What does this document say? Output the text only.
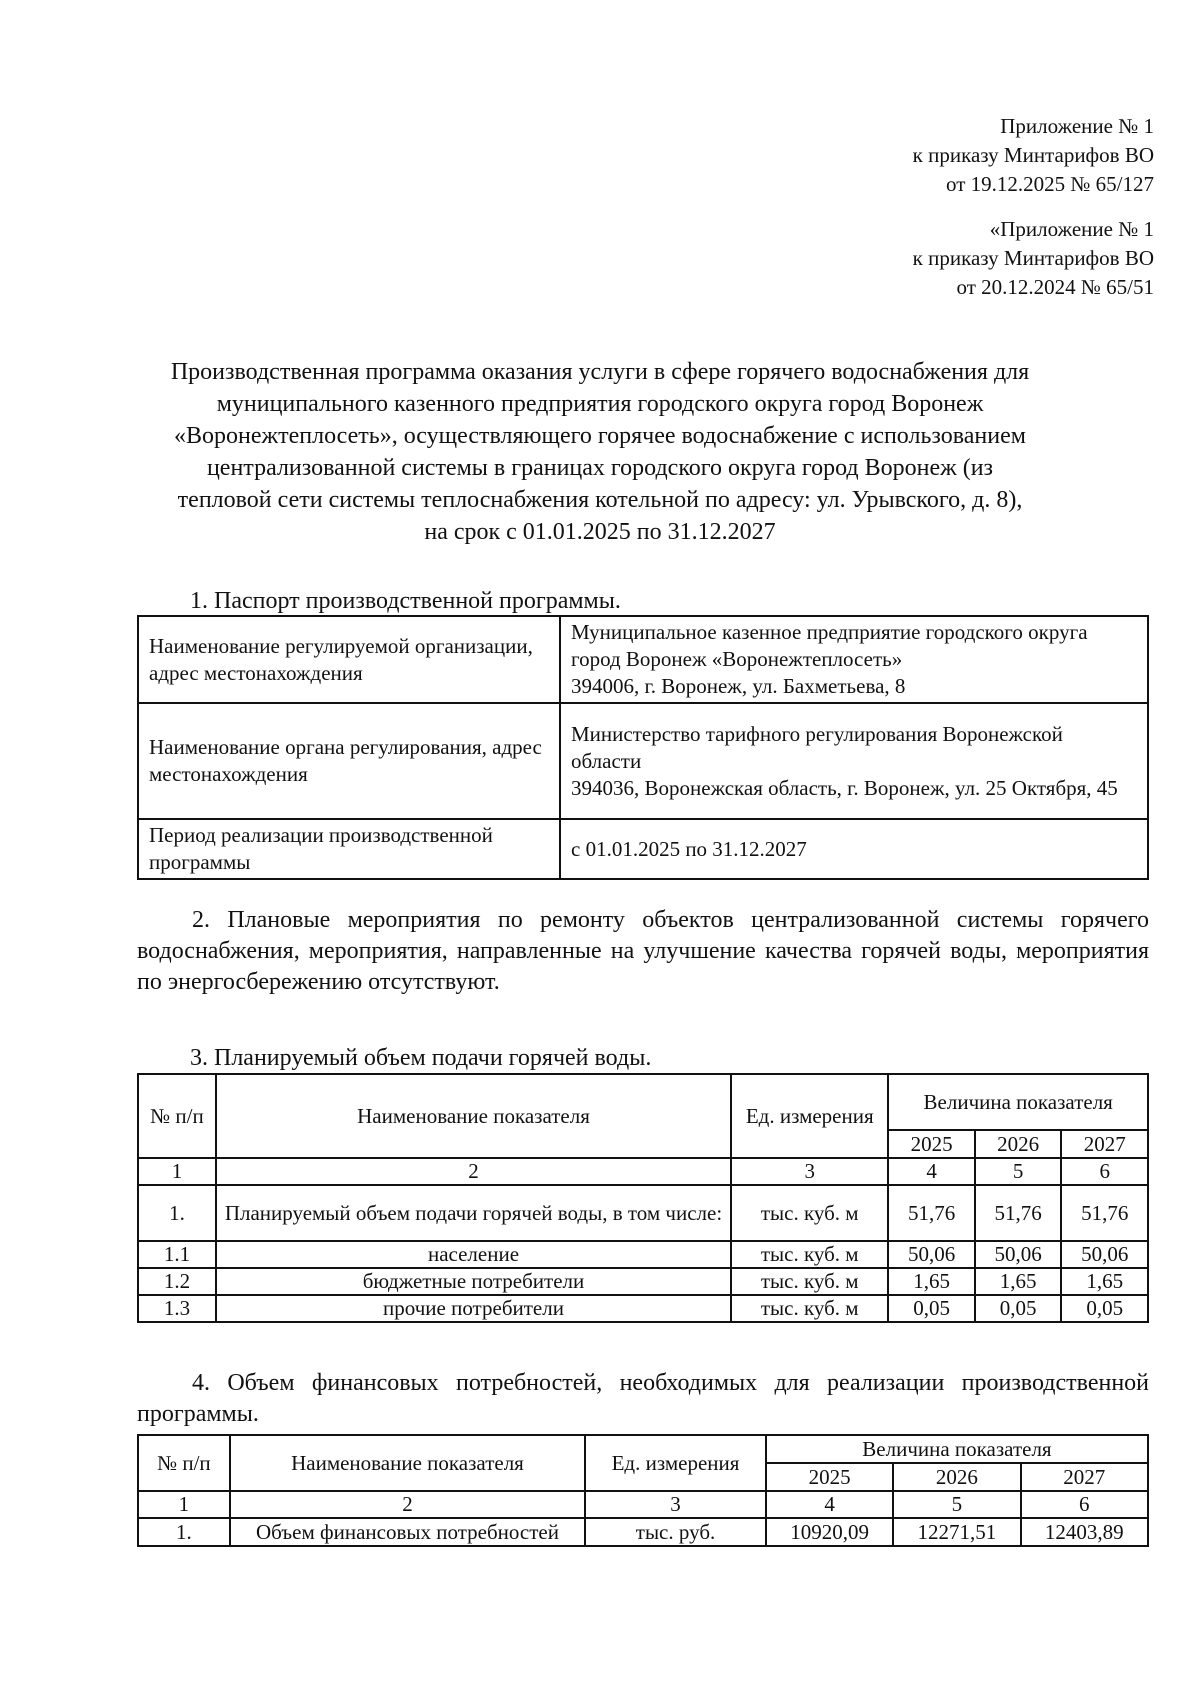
Приложение № 1
к приказу Минтарифов ВО
от 19.12.2025 № 65/127
«Приложение № 1
к приказу Минтарифов ВО
от 20.12.2024 № 65/51
Производственная программа оказания услуги в сфере горячего водоснабжения для
муниципального казенного предприятия городского округа город Воронеж
«Воронежтеплосеть», осуществляющего горячее водоснабжение с использованием
централизованной системы в границах городского округа город Воронеж (из
тепловой сети системы теплоснабжения котельной по адресу: ул. Урывского, д. 8),
на срок с 01.01.2025 по 31.12.2027
1. Паспорт производственной программы.
Наименование регулируемой организации, адрес местонахождения	Муниципальное казенное предприятие городского округа город Воронеж «Воронежтеплосеть»
394006, г. Воронеж, ул. Бахметьева, 8

Наименование органа регулирования, адрес местонахождения	Министерство тарифного регулирования Воронежской области
394036, Воронежская область, г. Воронеж, ул. 25 Октября, 45

Период реализации производственной программы	с 01.01.2025 по 31.12.2027
2. Плановые мероприятия по ремонту объектов централизованной системы горячего водоснабжения, мероприятия, направленные на улучшение качества горячей воды, мероприятия по энергосбережению отсутствуют.
3. Планируемый объем подачи горячей воды.
№ п/п	Наименование показателя	Ед. измерения	Величина показателя		
			2025	2026	2027
1	2	3	4	5	6
1.	Планируемый объем подачи горячей воды, в том числе:	тыс. куб. м	51,76	51,76	51,76
1.1	население	тыс. куб. м	50,06	50,06	50,06
1.2	бюджетные потребители	тыс. куб. м	1,65	1,65	1,65
1.3	прочие потребители	тыс. куб. м	0,05	0,05	0,05
4. Объем финансовых потребностей, необходимых для реализации производственной программы.
№ п/п	Наименование показателя	Ед. измерения	Величина показателя		
			2025	2026	2027
1	2	3	4	5	6
1.	Объем финансовых потребностей	тыс. руб.	10920,09	12271,51	12403,89
